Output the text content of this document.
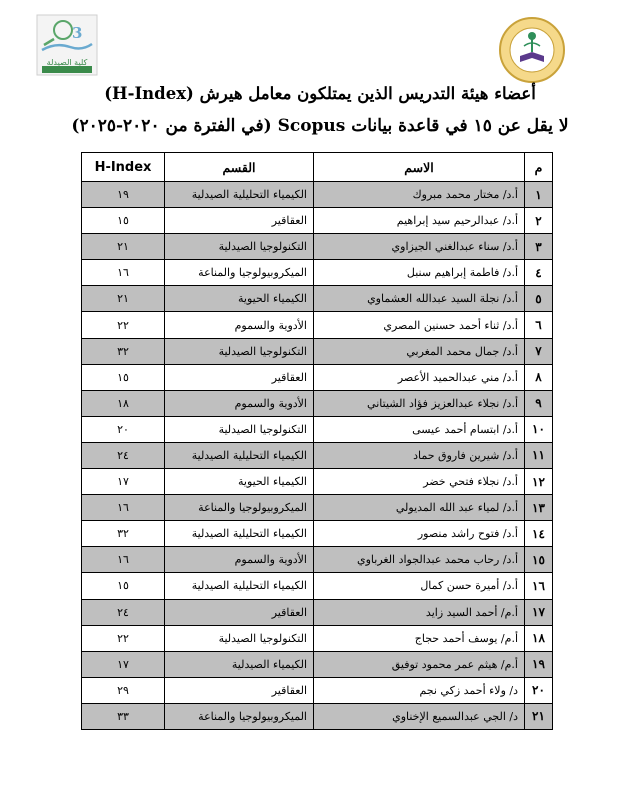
3
كلية الصيدلة
أعضاء هيئة التدريس الذين يمتلكون معامل هيرش (H-Index)
لا يقل عن ١٥ في قاعدة بيانات Scopus (في الفترة من ٢٠٢٠-٢٠٢٥)
م	الاسم	القسم	H-Index
١	أ.د/ مختار محمد مبروك	الكيمياء التحليلية الصيدلية	١٩
٢	أ.د/ عبدالرحيم سيد إبراهيم	العقاقير	١٥
٣	أ.د/ سناء عبدالغني الجيزاوي	التكنولوجيا الصيدلية	٢١
٤	أ.د/ فاطمة إبراهيم سنبل	الميكروبيولوجيا والمناعة	١٦
٥	أ.د/ نجلة السيد عبدالله العشماوي	الكيمياء الحيوية	٢١
٦	أ.د/ ثناء أحمد حسنين المصري	الأدوية والسموم	٢٢
٧	أ.د/ جمال محمد المغربي	التكنولوجيا الصيدلية	٣٢
٨	أ.د/ مني عبدالحميد الأعصر	العقاقير	١٥
٩	أ.د/ نجلاء عبدالعزيز فؤاد الشيتاني	الأدوية والسموم	١٨
١٠	أ.د/ ابتسام أحمد عيسى	التكنولوجيا الصيدلية	٢٠
١١	أ.د/ شيرين فاروق حماد	الكيمياء التحليلية الصيدلية	٢٤
١٢	أ.د/ نجلاء فتحي خضر	الكيمياء الحيوية	١٧
١٣	أ.د/ لمياء عبد الله المديولي	الميكروبيولوجيا والمناعة	١٦
١٤	أ.د/ فتوح راشد منصور	الكيمياء التحليلية الصيدلية	٣٢
١٥	أ.د/ رحاب محمد عبدالجواد الغرباوي	الأدوية والسموم	١٦
١٦	أ.د/ أميرة حسن كمال	الكيمياء التحليلية الصيدلية	١٥
١٧	أ.م/ أحمد السيد زايد	العقاقير	٢٤
١٨	أ.م/ يوسف أحمد حجاج	التكنولوجيا الصيدلية	٢٢
١٩	أ.م/ هيثم عمر محمود توفيق	الكيمياء الصيدلية	١٧
٢٠	د/ ولاء أحمد زكي نجم	العقاقير	٢٩
٢١	د/ الجي عبدالسميع الإخناوي	الميكروبيولوجيا والمناعة	٣٣
